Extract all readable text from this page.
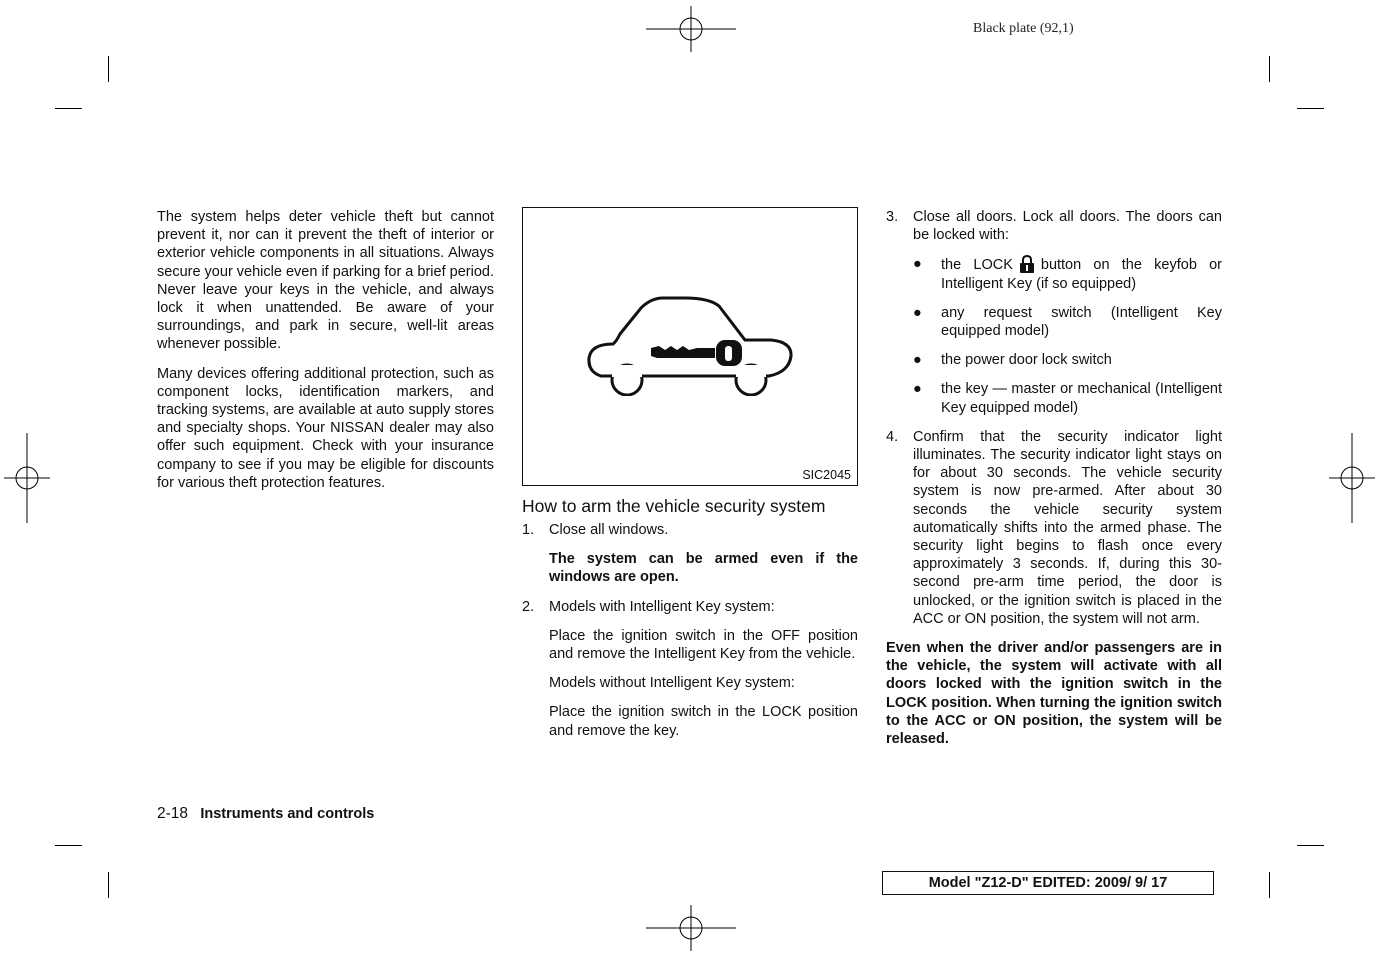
Black plate (92,1)

The system helps deter vehicle theft but cannot prevent it, nor can it prevent the theft of interior or exterior vehicle components in all situations. Always secure your vehicle even if parking for a brief period. Never leave your keys in the vehicle, and always lock it when unattended. Be aware of your surroundings, and park in secure, well-lit areas whenever possible.

Many devices offering additional protection, such as component locks, identification markers, and tracking systems, are available at auto supply stores and specialty shops. Your NISSAN dealer may also offer such equipment. Check with your insurance company to see if you may be eligible for discounts for various theft protection features.	SIC2045
How to arm the vehicle security system
1. Close all windows.
The system can be armed even if the windows are open.
2. Models with Intelligent Key system:
Place the ignition switch in the OFF position and remove the Intelligent Key from the vehicle.
Models without Intelligent Key system:
Place the ignition switch in the LOCK position and remove the key.
3. Close all doors. Lock all doors. The doors can be locked with:
● the LOCK button on the keyfob or Intelligent Key (if so equipped)
● any request switch (Intelligent Key equipped model)
● the power door lock switch
● the key — master or mechanical (Intelligent Key equipped model)
4. Confirm that the security indicator light illuminates. The security indicator light stays on for about 30 seconds. The vehicle security system is now pre-armed. After about 30 seconds the vehicle security system automatically shifts into the armed phase. The security light begins to flash once every approximately 3 seconds. If, during this 30-second pre-arm time period, the door is unlocked, or the ignition switch is placed in the ACC or ON position, the system will not arm.

Even when the driver and/or passengers are in the vehicle, the system will activate with all doors locked with the ignition switch in the LOCK position. When turning the ignition switch to the ACC or ON position, the system will be released.

2-18 Instruments and controls
Model "Z12-D" EDITED: 2009/ 9/ 17
